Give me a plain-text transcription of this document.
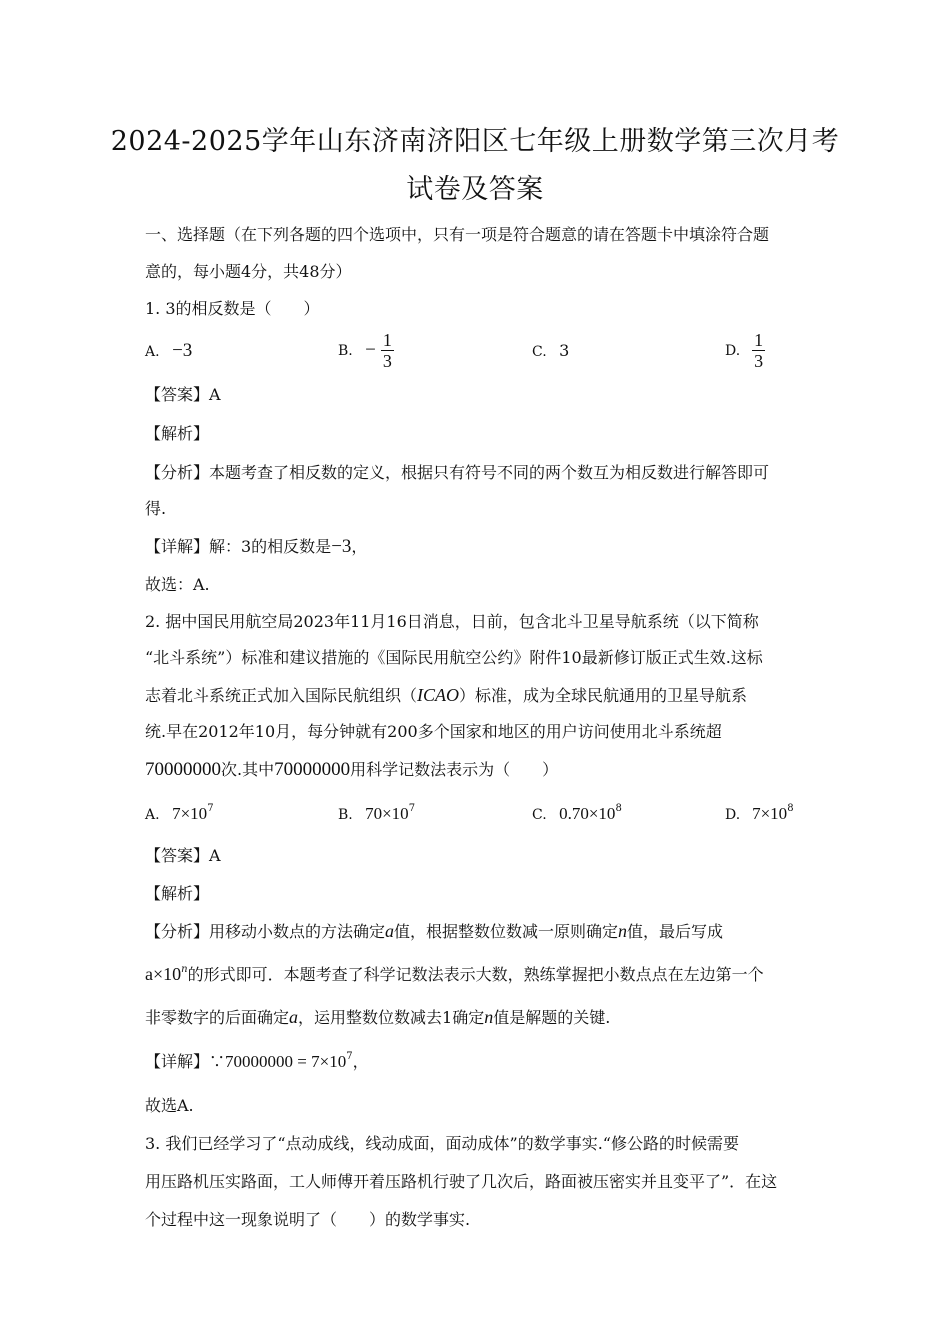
2024-2025学年山东济南济阳区七年级上册数学第三次月考
试卷及答案
一、选择题（在下列各题的四个选项中，只有一项是符合题意的请在答题卡中填涂符合题
意的，每小题4分，共48分）
1. 3的相反数是（　　）
A. −3	B. − $\frac{1}{3}$	C. 3	D. $\frac{1}{3}$
【答案】A
【解析】
【分析】本题考查了相反数的定义，根据只有符号不同的两个数互为相反数进行解答即可
得.
【详解】解：3的相反数是−3，
故选：A.
2. 据中国民用航空局2023年11月16日消息，日前，包含北斗卫星导航系统（以下简称
“北斗系统”）标准和建议措施的《国际民用航空公约》附件10最新修订版正式生效.这标
志着北斗系统正式加入国际民航组织（ICAO）标准，成为全球民航通用的卫星导航系
统.早在2012年10月，每分钟就有200多个国家和地区的用户访问使用北斗系统超
70000000次.其中70000000用科学记数法表示为（　　）
A. $7\times 10^7$	B. $70\times 10^7$	C. $0.70\times 10^8$	D. $7\times 10^8$
【答案】A
【解析】
【分析】用移动小数点的方法确定a值，根据整数位数减一原则确定n值，最后写成
$a\times 10^n$的形式即可．本题考查了科学记数法表示大数，熟练掌握把小数点点在左边第一个
非零数字的后面确定a，运用整数位数减去1确定n值是解题的关键.
【详解】∵70000000 = $7\times 10^7$，
故选A.
3. 我们已经学习了“点动成线，线动成面，面动成体”的数学事实.“修公路的时候需要
用压路机压实路面，工人师傅开着压路机行驶了几次后，路面被压密实并且变平了”．在这
个过程中这一现象说明了（　　）的数学事实.
